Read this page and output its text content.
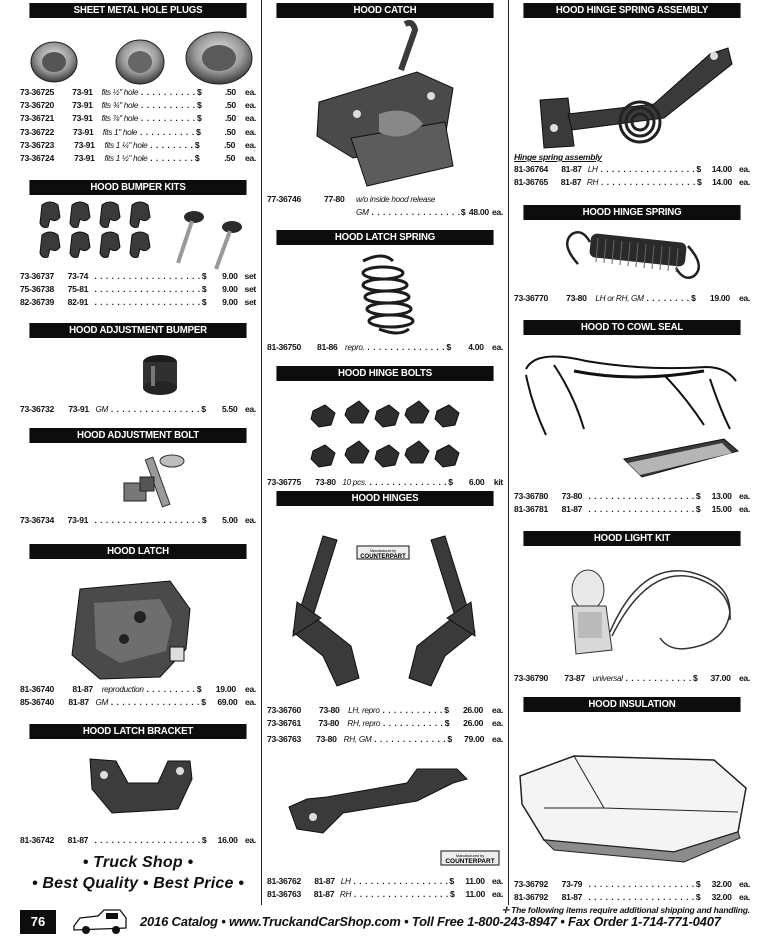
SHEET METAL HOLE PLUGS
73-36725	73-91	fits ½" hole . . . . . . . . . . $	.50	ea.
73-36720	73-91	fits ¾" hole . . . . . . . . . . $	.50	ea.
73-36721	73-91	fits ⅞" hole . . . . . . . . . . $	.50	ea.
73-36722	73-91	fits 1" hole . . . . . . . . . . $	.50	ea.
73-36723	73-91	fits 1 ¼" hole . . . . . . . . $	.50	ea.
73-36724	73-91	fits 1 ½" hole . . . . . . . . $	.50	ea.
HOOD BUMPER KITS
73-36737	73-74 . . . . . . . . . . . . . . . . . . . $	9.00 set
75-36738	75-81 . . . . . . . . . . . . . . . . . . . $	9.00 set
82-36739	82-91 . . . . . . . . . . . . . . . . . . . $	9.00 set
HOOD ADJUSTMENT BUMPER
73-36732	73-91 GM . . . . . . . . . . . . . . . . $	5.50 ea.
HOOD ADJUSTMENT BOLT
73-36734	73-91 . . . . . . . . . . . . . . . . . . . $	5.00 ea.
HOOD LATCH
81-36740	81-87	reproduction . . . . . . . . . $	19.00	ea.
85-36740	81-87 GM . . . . . . . . . . . . . . . . $	69.00 ea.
HOOD LATCH BRACKET
81-36742	81-87 . . . . . . . . . . . . . . . . . . . $	16.00 ea.
• Truck Shop •
• Best Quality • Best Price •
HOOD CATCH
77-36746	77-80	w/o inside hood release
GM . . . . . . . . . . . . . . . . $ 48.00 ea.
HOOD LATCH SPRING
81-36750	81-86 repro. . . . . . . . . . . . . . . $	4.00 ea.
HOOD HINGE BOLTS
73-36775	73-80 10 pcs. . . . . . . . . . . . . . . $	6.00	kit
HOOD HINGES
Manufactured by
COUNTERPART
73-36760	73-80	LH, repro . . . . . . . . . . . $	26.00	ea.
73-36761	73-80	RH, repro . . . . . . . . . . . $	26.00	ea.
73-36763	73-80 RH, GM . . . . . . . . . . . . . $	79.00 ea.
Manufactured by
COUNTERPART
81-36762	81-87 LH . . . . . . . . . . . . . . . . . $	11.00 ea.
81-36763	81-87 RH . . . . . . . . . . . . . . . . . $	11.00 ea.
HOOD HINGE SPRING ASSEMBLY
Hinge spring assembly
81-36764	81-87 LH . . . . . . . . . . . . . . . . . $	14.00 ea.
81-36765	81-87 RH . . . . . . . . . . . . . . . . . $	14.00 ea.
HOOD HINGE SPRING
73-36770	73-80	LH or RH, GM . . . . . . . . $	19.00	ea.
HOOD TO COWL SEAL
73-36780	73-80 . . . . . . . . . . . . . . . . . . . $	13.00 ea.
81-36781	81-87 . . . . . . . . . . . . . . . . . . . $	15.00 ea.
HOOD LIGHT KIT
73-36790	73-87 universal . . . . . . . . . . . . $	37.00 ea.
HOOD INSULATION
73-36792	73-79 . . . . . . . . . . . . . . . . . . . $	32.00 ea.
81-36792	81-87 . . . . . . . . . . . . . . . . . . . $	32.00 ea.
✛ The following items require additional shipping and handling.
76	2016 Catalog • www.TruckandCarShop.com • Toll Free 1-800-243-8947 • Fax Order 1-714-771-0407
